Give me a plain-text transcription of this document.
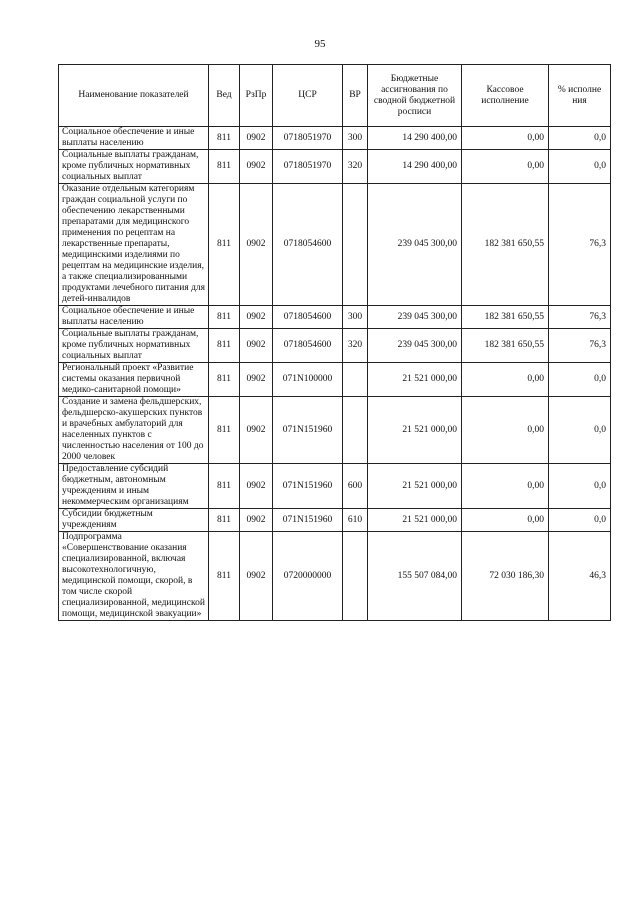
95
Наименование показателей	Вед	РзПр	ЦСР	ВР	Бюджетные ассигнования по сводной бюджетной росписи	Кассовое исполнение	% исполне ния
Социальное обеспечение и иные выплаты населению	811	0902	0718051970	300	14 290 400,00	0,00	0,0
Социальные выплаты гражданам, кроме публичных нормативных социальных выплат	811	0902	0718051970	320	14 290 400,00	0,00	0,0
Оказание отдельным категориям граждан социальной услуги по обеспечению лекарственными препаратами для медицинского применения по рецептам на лекарственные препараты, медицинскими изделиями по рецептам на медицинские изделия, а также специализированными продуктами лечебного питания для детей-инвалидов	811	0902	0718054600		239 045 300,00	182 381 650,55	76,3
Социальное обеспечение и иные выплаты населению	811	0902	0718054600	300	239 045 300,00	182 381 650,55	76,3
Социальные выплаты гражданам, кроме публичных нормативных социальных выплат	811	0902	0718054600	320	239 045 300,00	182 381 650,55	76,3
Региональный проект «Развитие системы оказания первичной медико-санитарной помощи»	811	0902	071N100000		21 521 000,00	0,00	0,0
Создание и замена фельдшерских, фельдшерско-акушерских пунктов и врачебных амбулаторий для населенных пунктов с численностью населения от 100 до 2000 человек	811	0902	071N151960		21 521 000,00	0,00	0,0
Предоставление субсидий бюджетным, автономным учреждениям и иным некоммерческим организациям	811	0902	071N151960	600	21 521 000,00	0,00	0,0
Субсидии бюджетным учреждениям	811	0902	071N151960	610	21 521 000,00	0,00	0,0
Подпрограмма «Совершенствование оказания специализированной, включая высокотехнологичную, медицинской помощи, скорой, в том числе скорой специализированной, медицинской помощи, медицинской эвакуации»	811	0902	0720000000		155 507 084,00	72 030 186,30	46,3
